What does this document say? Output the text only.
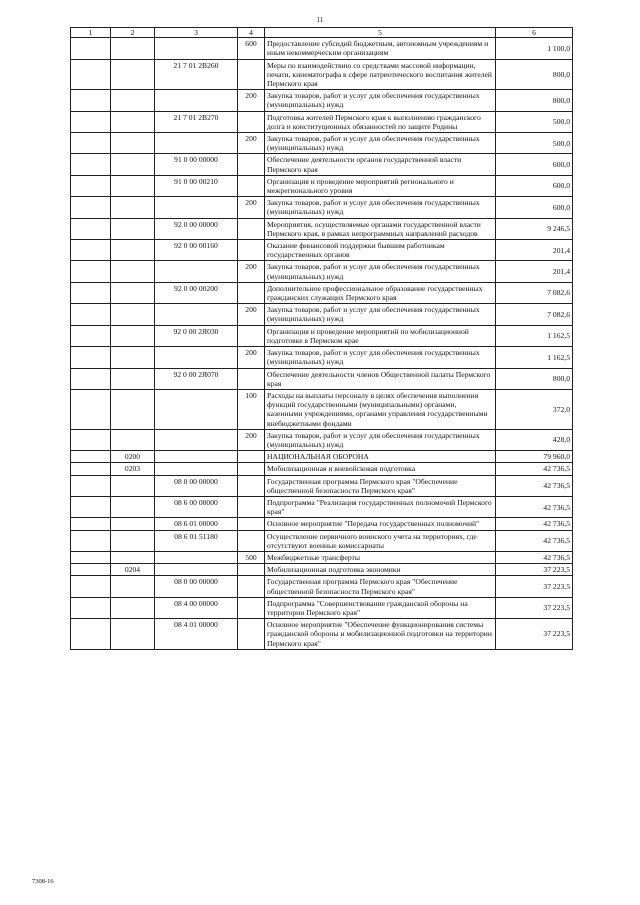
11
1	2	3	4	5	6
			600	Предоставление субсидий бюджетным, автономным учреждениям и иным некоммерческим организациям	1 100,0
		21 7 01 2В260		Меры по взаимодействию со средствами массовой информации, печати, кинематографа в сфере патриотического воспитания жителей Пермского края	800,0
			200	Закупка товаров, работ и услуг для обеспечения государственных (муниципальных) нужд	800,0
		21 7 01 2В270		Подготовка жителей Пермского края к выполнению гражданского долга и конституционных обязанностей по защите Родины	500,0
			200	Закупка товаров, работ и услуг для обеспечения государственных (муниципальных) нужд	500,0
		91 0 00 00000		Обеспечение деятельности органов государственной власти Пермского края	600,0
		91 0 00 00210		Организация и проведение мероприятий регионального и межрегионального уровня	600,0
			200	Закупка товаров, работ и услуг для обеспечения государственных (муниципальных) нужд	600,0
		92 0 00 00000		Мероприятия, осуществляемые органами государственной власти Пермского края, в рамках непрограммных направлений расходов	9 246,5
		92 0 00 00160		Оказание финансовой поддержки бывшим работникам государственных органов	201,4
			200	Закупка товаров, работ и услуг для обеспечения государственных (муниципальных) нужд	201,4
		92 0 00 00200		Дополнительное профессиональное образование государственных гражданских служащих Пермского края	7 082,6
			200	Закупка товаров, работ и услуг для обеспечения государственных (муниципальных) нужд	7 082,6
		92 0 00 2Я030		Организация и проведение мероприятий по мобилизационной подготовке в Пермском крае	1 162,5
			200	Закупка товаров, работ и услуг для обеспечения государственных (муниципальных) нужд	1 162,5
		92 0 00 2Я070		Обеспечение деятельности членов Общественной палаты Пермского края	800,0
			100	Расходы на выплаты персоналу в целях обеспечения выполнения функций государственными (муниципальными) органами, казенными учреждениями, органами управления государственными внебюджетными фондами	372,0
			200	Закупка товаров, работ и услуг для обеспечения государственных (муниципальных) нужд	428,0
	0200			НАЦИОНАЛЬНАЯ ОБОРОНА	79 960,0
	0203			Мобилизационная и вневойсковая подготовка	42 736,5
		08 0 00 00000		Государственная программа Пермского края "Обеспечение общественной безопасности Пермского края"	42 736,5
		08 6 00 00000		Подпрограмма "Реализация государственных полномочий Пермского края"	42 736,5
		08 6 01 00000		Основное мероприятие "Передача государственных полномочий"	42 736,5
		08 6 01 51180		Осуществление первичного воинского учета на территориях, где отсутствуют военные комиссариаты	42 736,5
			500	Межбюджетные трансферты	42 736,5
	0204			Мобилизационная подготовка экономики	37 223,5
		08 0 00 00000		Государственная программа Пермского края "Обеспечение общественной безопасности Пермского края"	37 223,5
		08 4 00 00000		Подпрограмма "Совершенствование гражданской обороны на территории Пермского края"	37 223,5
		08 4 01 00000		Основное мероприятие "Обеспечение функционирования системы гражданской обороны и мобилизационной подготовки на территории Пермского края"	37 223,5
7308-16
